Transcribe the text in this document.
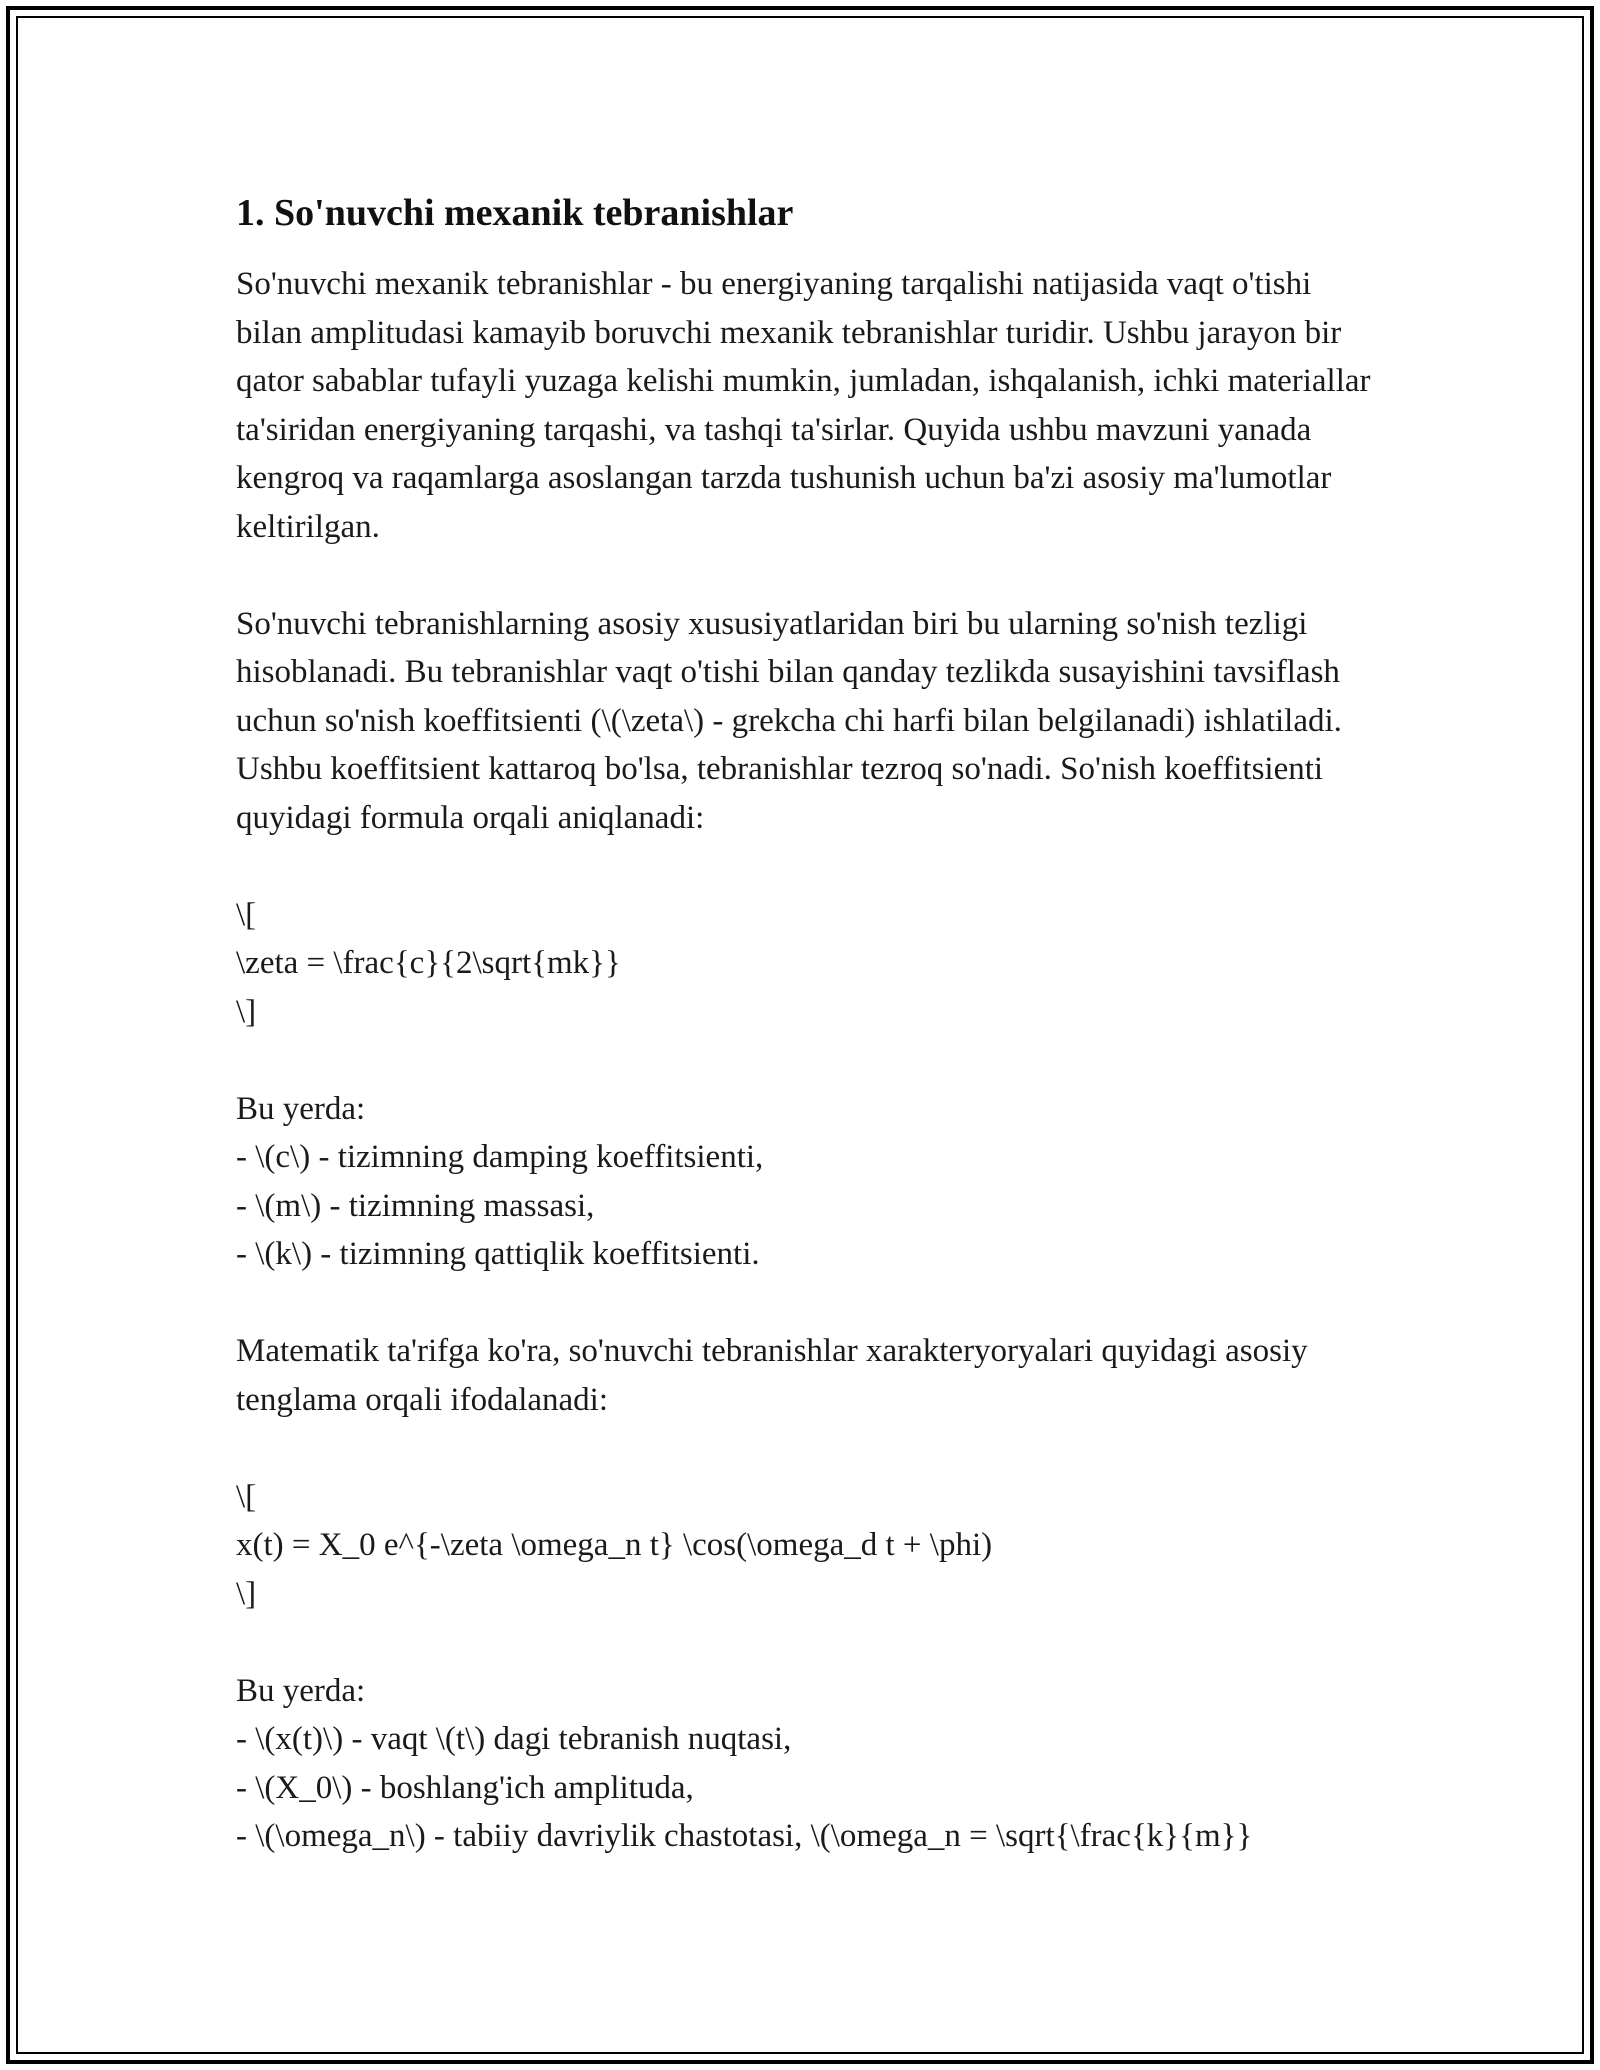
1. So'nuvchi mexanik tebranishlar

So'nuvchi mexanik tebranishlar - bu energiyaning tarqalishi natijasida vaqt o'tishi bilan amplitudasi kamayib boruvchi mexanik tebranishlar turidir. Ushbu jarayon bir qator sabablar tufayli yuzaga kelishi mumkin, jumladan, ishqalanish, ichki materiallar ta'siridan energiyaning tarqashi, va tashqi ta'sirlar. Quyida ushbu mavzuni yanada kengroq va raqamlarga asoslangan tarzda tushunish uchun ba'zi asosiy ma'lumotlar keltirilgan.

So'nuvchi tebranishlarning asosiy xususiyatlaridan biri bu ularning so'nish tezligi hisoblanadi. Bu tebranishlar vaqt o'tishi bilan qanday tezlikda susayishini tavsiflash uchun so'nish koeffitsienti (\(\zeta\) - grekcha chi harfi bilan belgilanadi) ishlatiladi. Ushbu koeffitsient kattaroq bo'lsa, tebranishlar tezroq so'nadi. So'nish koeffitsienti quyidagi formula orqali aniqlanadi:

\[
\zeta = \frac{c}{2\sqrt{mk}}
\]
Bu yerda:
- \(c\) - tizimning damping koeffitsienti,
- \(m\) - tizimning massasi,
- \(k\) - tizimning qattiqlik koeffitsienti.

Matematik ta'rifga ko'ra, so'nuvchi tebranishlar xarakteryoryalari quyidagi asosiy tenglama orqali ifodalanadi:

\[
x(t) = X_0 e^{-\zeta \omega_n t} \cos(\omega_d t + \phi)
\]
Bu yerda:
- \(x(t)\) - vaqt \(t\) dagi tebranish nuqtasi,
- \(X_0\) - boshlang'ich amplituda,
- \(\omega_n\) - tabiiy davriylik chastotasi, \(\omega_n = \sqrt{\frac{k}{m}}
